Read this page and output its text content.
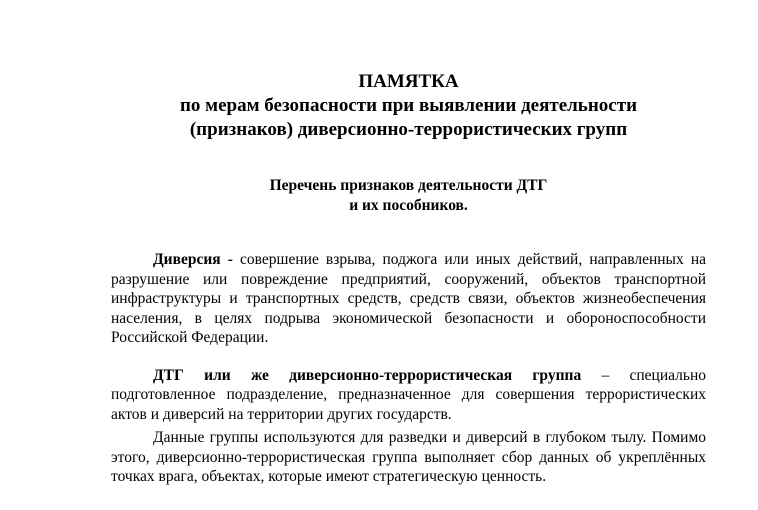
ПАМЯТКА

по мерам безопасности при выявлении деятельности

(признаков) диверсионно-террористических групп

Перечень признаков деятельности ДТГ
и их пособников.

Диверсия - совершение взрыва, поджога или иных действий, направленных на разрушение или повреждение предприятий, сооружений, объектов транспортной инфраструктуры и транспортных средств, средств связи, объектов жизнеобеспечения населения, в целях подрыва экономической безопасности и обороноспособности Российской Федерации.

ДТГ или же диверсионно-террористическая группа – специально подготовленное подразделение, предназначенное для совершения террористических актов и диверсий на территории других государств.

Данные группы используются для разведки и диверсий в глубоком тылу. Помимо этого, диверсионно-террористическая группа выполняет сбор данных об укреплённых точках врага, объектах, которые имеют стратегическую ценность.
